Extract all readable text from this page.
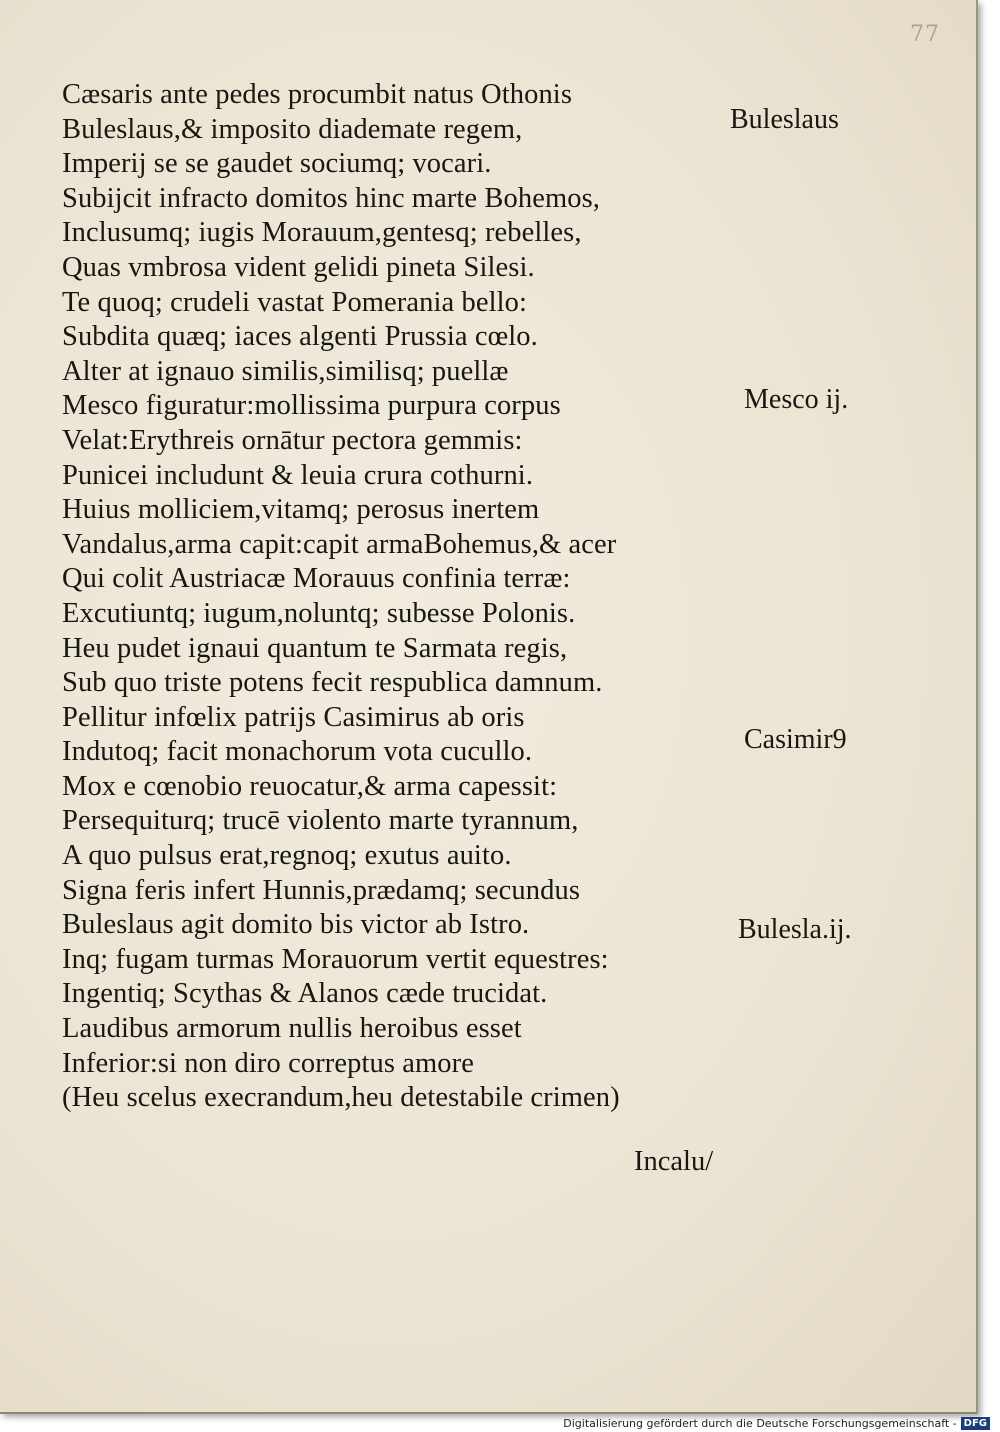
77
Cæsaris ante pedes procumbit natus Othonis
Buleslaus,& imposito diademate regem,
Imperij se se gaudet sociumq; vocari.
Subijcit infracto domitos hinc marte Bohemos,
Inclusumq; iugis Morauum,gentesq; rebelles,
Quas vmbrosa vident gelidi pineta Silesi.
Te quoq; crudeli vastat Pomerania bello:
Subdita quæq; iaces algenti Prussia cœlo.
Alter at ignauo similis,similisq; puellæ
Mesco figuratur:mollissima purpura corpus
Velat:Erythreis ornātur pectora gemmis:
Punicei includunt & leuia crura cothurni.
Huius molliciem,vitamq; perosus inertem
Vandalus,arma capit:capit armaBohemus,& acer
Qui colit Austriacæ Morauus confinia terræ:
Excutiuntq; iugum,noluntq; subesse Polonis.
Heu pudet ignaui quantum te Sarmata regis,
Sub quo triste potens fecit respublica damnum.
Pellitur infœlix patrijs Casimirus ab oris
Indutoq; facit monachorum vota cucullo.
Mox e cœnobio reuocatur,& arma capessit:
Persequiturq; trucē violento marte tyrannum,
A quo pulsus erat,regnoq; exutus auito.
Signa feris infert Hunnis,prædamq; secundus
Buleslaus agit domito bis victor ab Istro.
Inq; fugam turmas Morauorum vertit equestres:
Ingentiq; Scythas & Alanos cæde trucidat.
Laudibus armorum nullis heroibus esset
Inferior:si non diro correptus amore
(Heu scelus execrandum,heu detestabile crimen)
Incalu/
Buleslaus
Mesco ij.
Casimir9
Bulesla.ij.
Digitalisierung gefördert durch die Deutsche Forschungsgemeinschaft - DFG
